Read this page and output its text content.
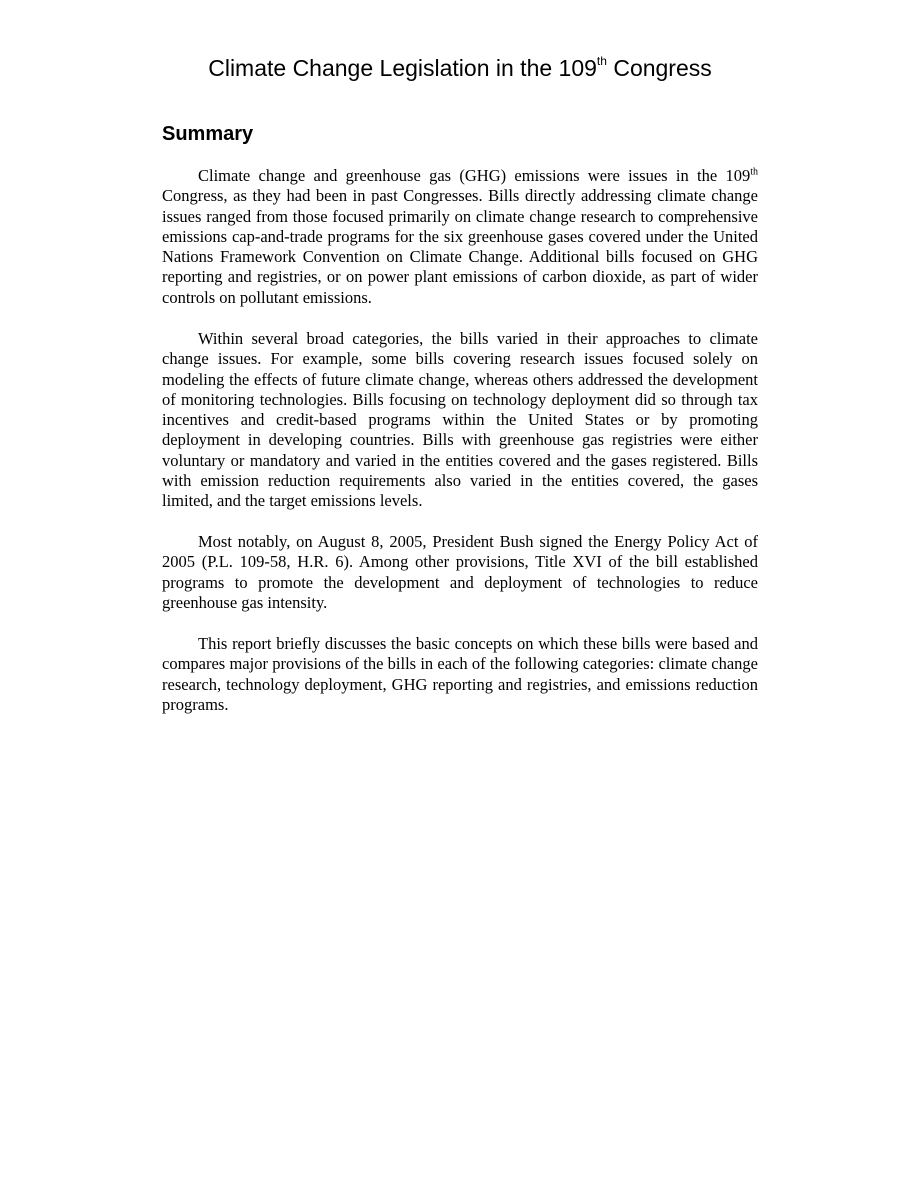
Climate Change Legislation in the 109th Congress
Summary

Climate change and greenhouse gas (GHG) emissions were issues in the 109th Congress, as they had been in past Congresses. Bills directly addressing climate change issues ranged from those focused primarily on climate change research to comprehensive emissions cap-and-trade programs for the six greenhouse gases covered under the United Nations Framework Convention on Climate Change. Additional bills focused on GHG reporting and registries, or on power plant emissions of carbon dioxide, as part of wider controls on pollutant emissions.

Within several broad categories, the bills varied in their approaches to climate change issues. For example, some bills covering research issues focused solely on modeling the effects of future climate change, whereas others addressed the development of monitoring technologies. Bills focusing on technology deployment did so through tax incentives and credit-based programs within the United States or by promoting deployment in developing countries. Bills with greenhouse gas registries were either voluntary or mandatory and varied in the entities covered and the gases registered. Bills with emission reduction requirements also varied in the entities covered, the gases limited, and the target emissions levels.

Most notably, on August 8, 2005, President Bush signed the Energy Policy Act of 2005 (P.L. 109-58, H.R. 6). Among other provisions, Title XVI of the bill established programs to promote the development and deployment of technologies to reduce greenhouse gas intensity.

This report briefly discusses the basic concepts on which these bills were based and compares major provisions of the bills in each of the following categories: climate change research, technology deployment, GHG reporting and registries, and emissions reduction programs.
